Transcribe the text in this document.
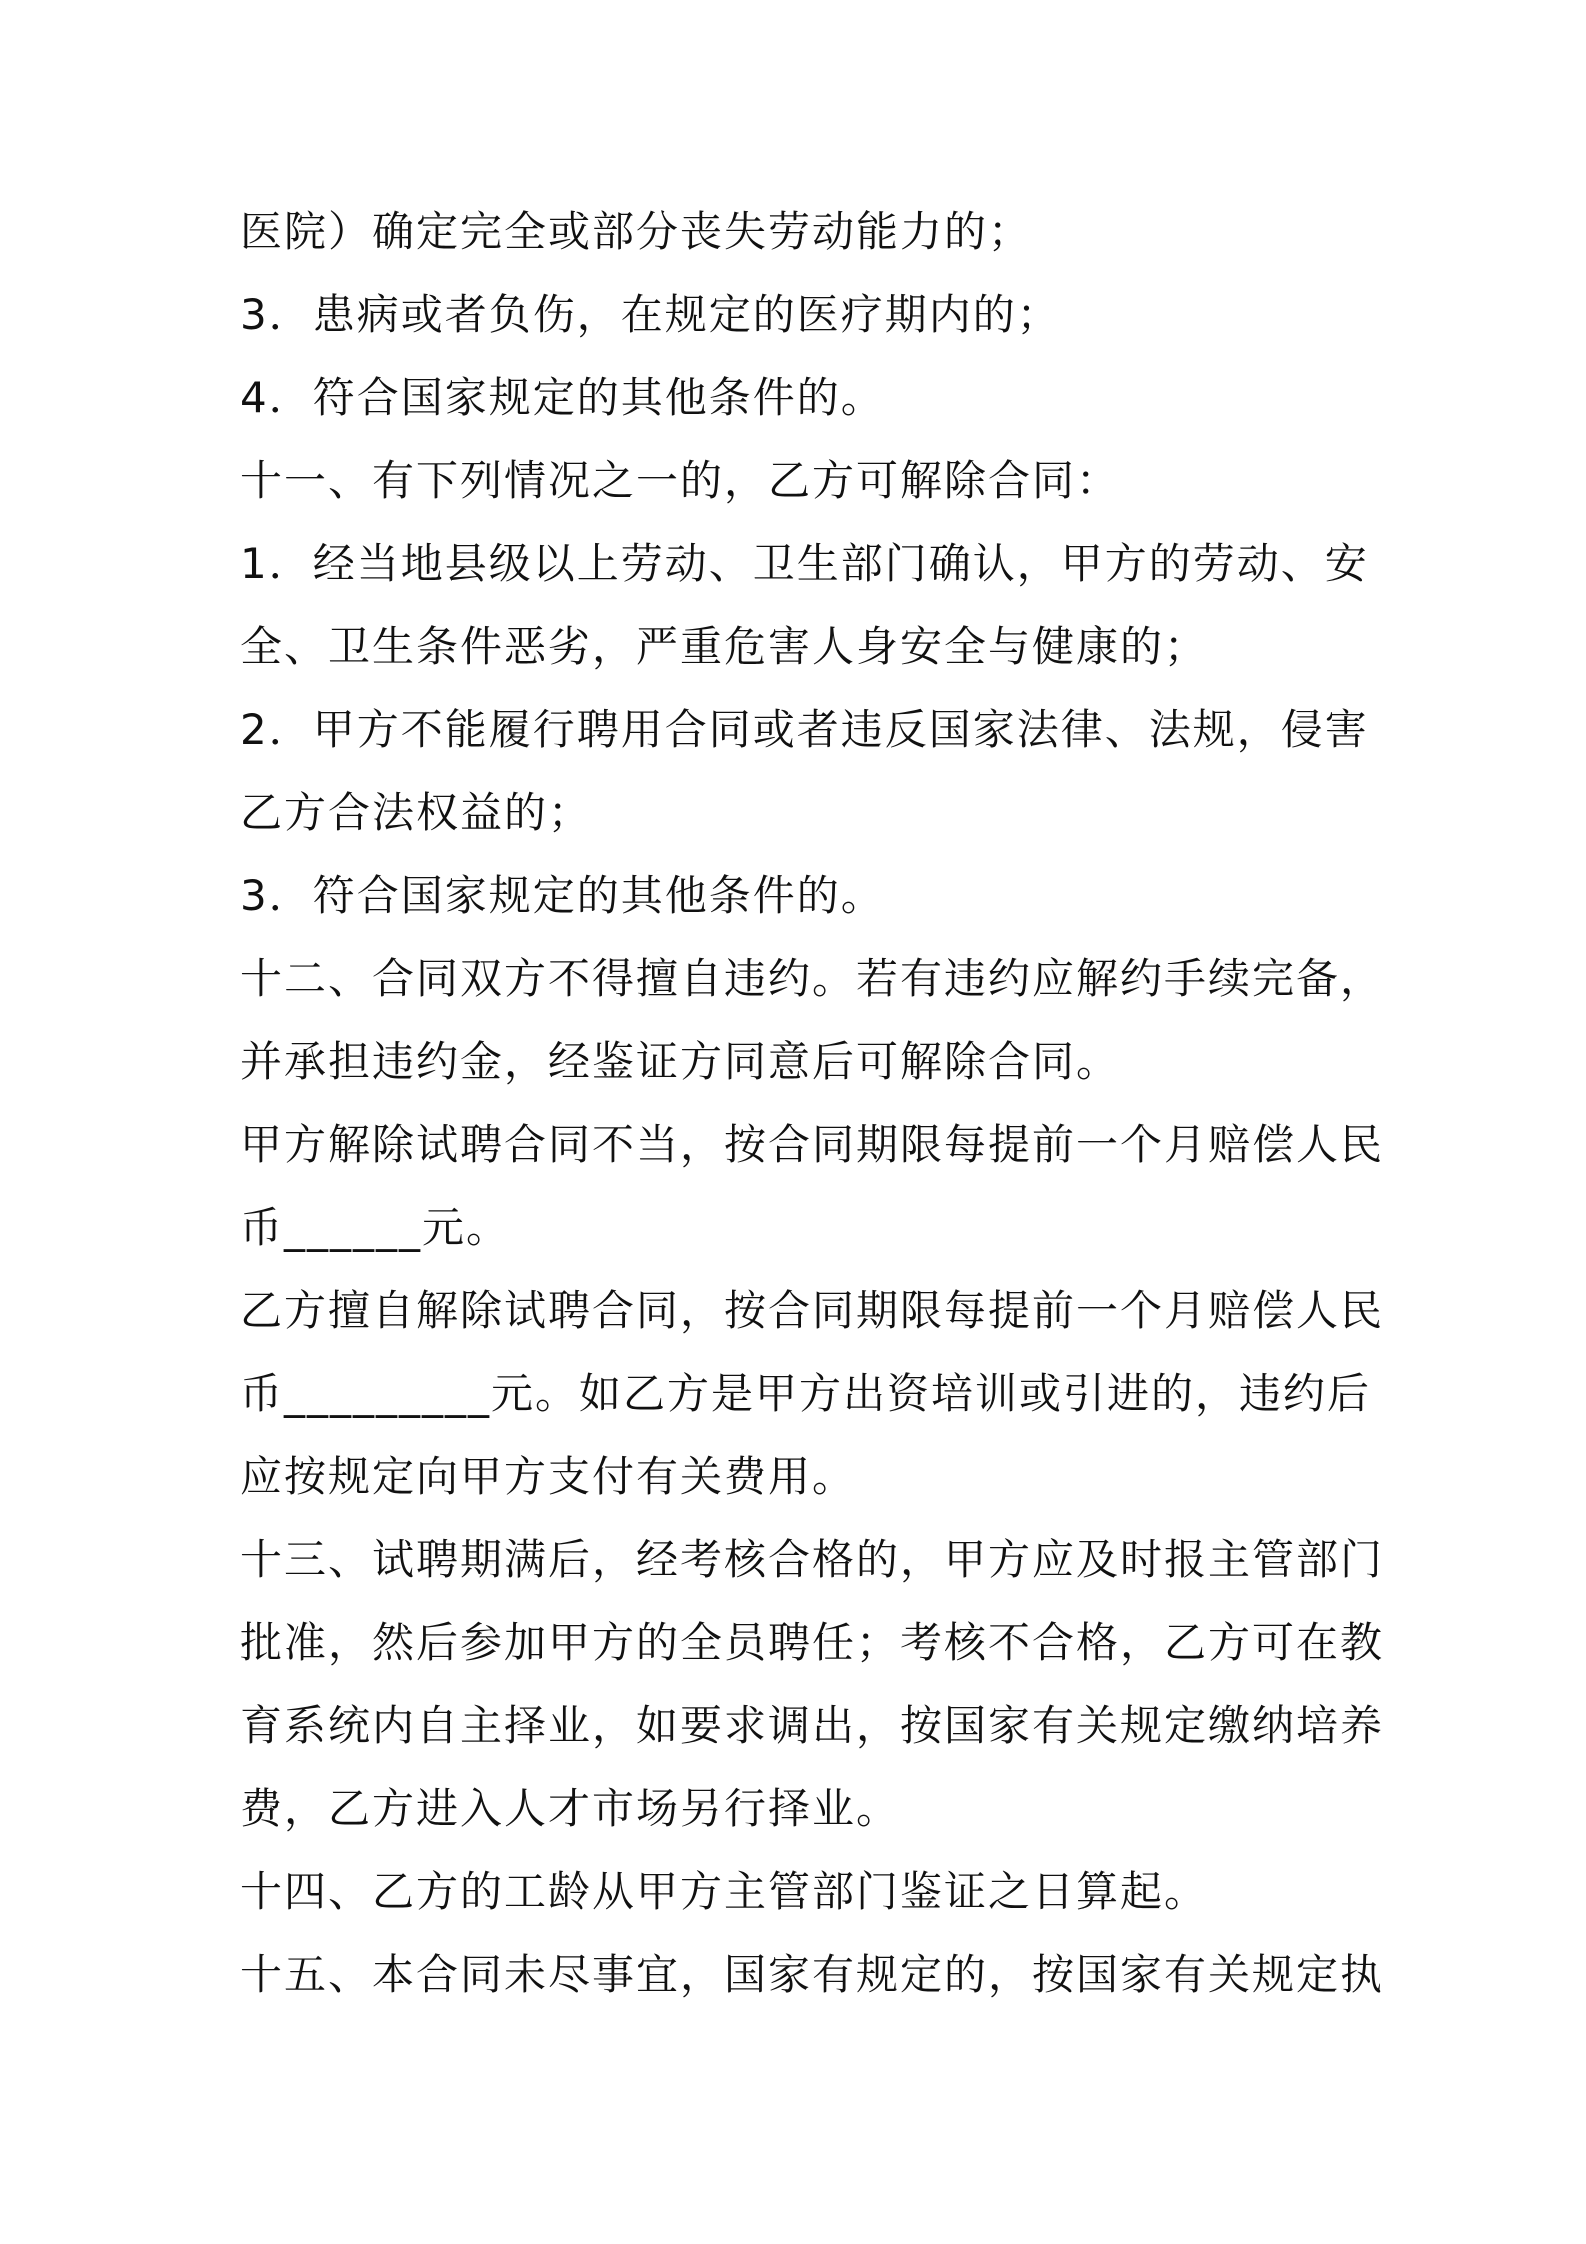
医院）确定完全或部分丧失劳动能力的；
3．患病或者负伤，在规定的医疗期内的；
4．符合国家规定的其他条件的。
十一、有下列情况之一的，乙方可解除合同：
1．经当地县级以上劳动、卫生部门确认，甲方的劳动、安
全、卫生条件恶劣，严重危害人身安全与健康的；
2．甲方不能履行聘用合同或者违反国家法律、法规，侵害
乙方合法权益的；
3．符合国家规定的其他条件的。
十二、合同双方不得擅自违约。若有违约应解约手续完备，
并承担违约金，经鉴证方同意后可解除合同。
甲方解除试聘合同不当，按合同期限每提前一个月赔偿人民
币______元。
乙方擅自解除试聘合同，按合同期限每提前一个月赔偿人民
币_________元。如乙方是甲方出资培训或引进的，违约后
应按规定向甲方支付有关费用。
十三、试聘期满后，经考核合格的，甲方应及时报主管部门
批准，然后参加甲方的全员聘任；考核不合格，乙方可在教
育系统内自主择业，如要求调出，按国家有关规定缴纳培养
费，乙方进入人才市场另行择业。
十四、乙方的工龄从甲方主管部门鉴证之日算起。
十五、本合同未尽事宜，国家有规定的，按国家有关规定执
